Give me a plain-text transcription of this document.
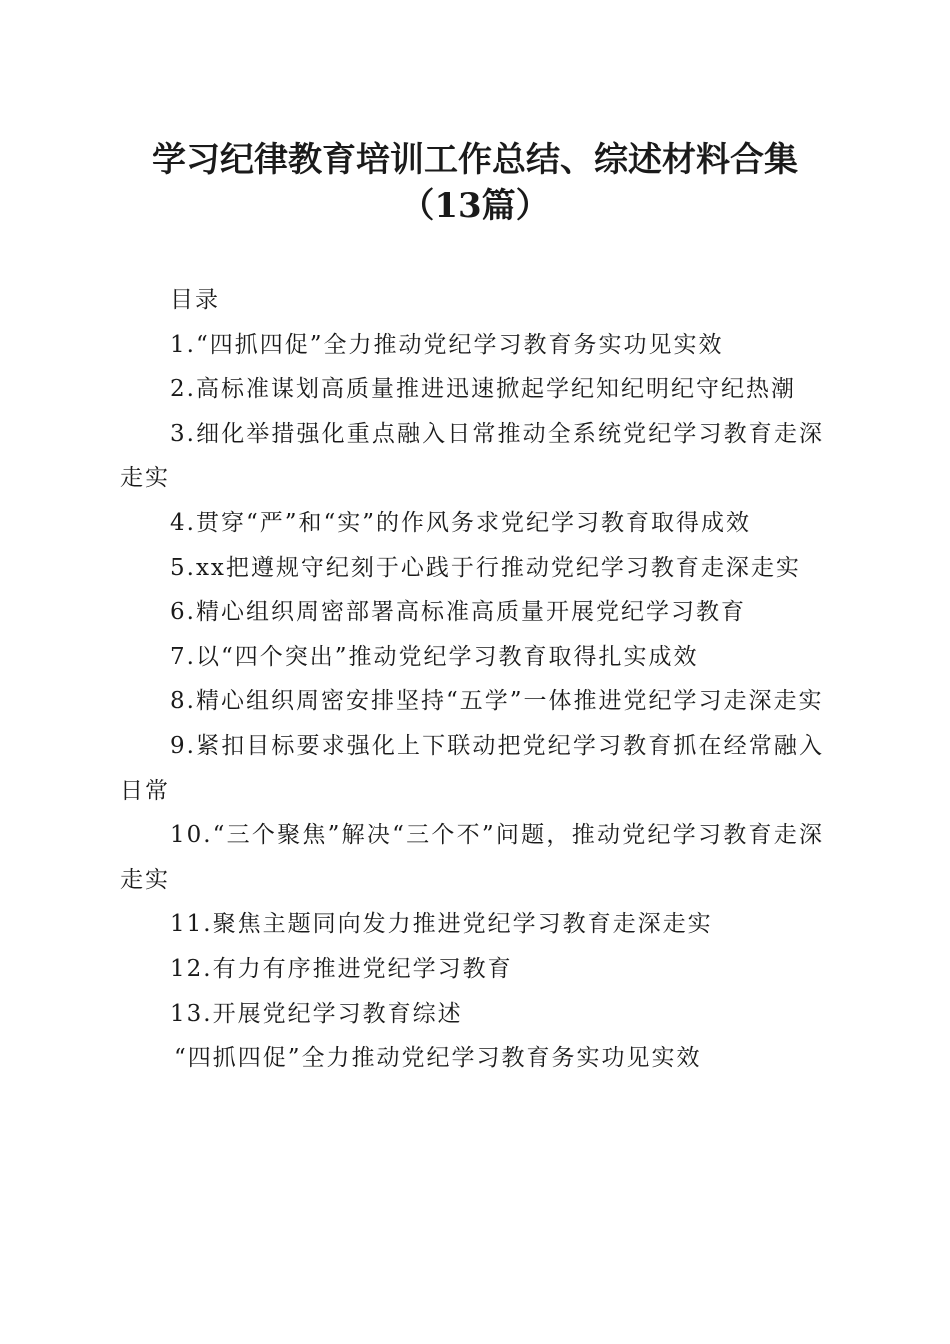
学习纪律教育培训工作总结、综述材料合集
（13篇）

目录

1.“四抓四促”全力推动党纪学习教育务实功见实效

2.高标准谋划高质量推进迅速掀起学纪知纪明纪守纪热潮

3.细化举措强化重点融入日常推动全系统党纪学习教育走深走实

4.贯穿“严”和“实”的作风务求党纪学习教育取得成效

5.xx把遵规守纪刻于心践于行推动党纪学习教育走深走实

6.精心组织周密部署高标准高质量开展党纪学习教育

7.以“四个突出”推动党纪学习教育取得扎实成效

8.精心组织周密安排坚持“五学”一体推进党纪学习走深走实

9.紧扣目标要求强化上下联动把党纪学习教育抓在经常融入日常

10.“三个聚焦”解决“三个不”问题，推动党纪学习教育走深走实

11.聚焦主题同向发力推进党纪学习教育走深走实

12.有力有序推进党纪学习教育

13.开展党纪学习教育综述

“四抓四促”全力推动党纪学习教育务实功见实效
